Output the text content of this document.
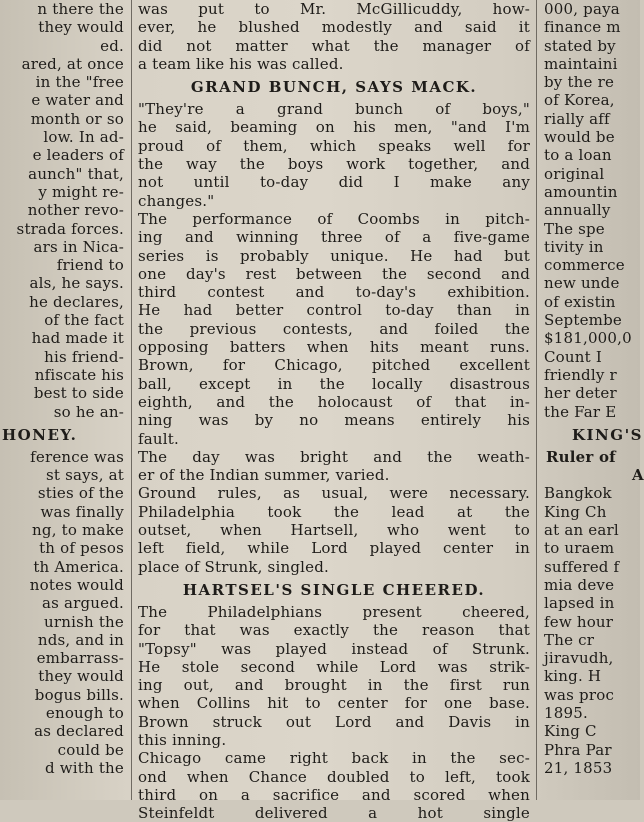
n there the
they would
ed.
ared, at once
in the "free
e water and
month or so
low. In ad-
e leaders of
aunch" that,
y might re-
nother revo-
strada forces.
ars in Nica-
friend to
als, he says.
he declares,
of the fact
had made it
his friend-
nfiscate his
best to side
so he an-
HONEY.
ference was
st says, at
sties of the
was finally
ng, to make
th of pesos
th America.
notes would
as argued.
urnish the
nds, and in
embarrass-
they would
bogus bills.
enough to
as declared
could be
d with the
was put to Mr. McGillicuddy, how-
ever, he blushed modestly and said it
did not matter what the manager of
a team like his was called.
GRAND BUNCH, SAYS MACK.
"They're a grand bunch of boys,"
he said, beaming on his men, "and I'm
proud of them, which speaks well for
the way the boys work together, and
not until to-day did I make any
changes."
The performance of Coombs in pitch-
ing and winning three of a five-game
series is probably unique. He had but
one day's rest between the second and
third contest and to-day's exhibition.
He had better control to-day than in
the previous contests, and foiled the
opposing batters when hits meant runs.
Brown, for Chicago, pitched excellent
ball, except in the locally disastrous
eighth, and the holocaust of that in-
ning was by no means entirely his
fault.
The day was bright and the weath-
er of the Indian summer, varied.
Ground rules, as usual, were necessary.
Philadelphia took the lead at the
outset, when Hartsell, who went to
left field, while Lord played center in
place of Strunk, singled.
HARTSEL'S SINGLE CHEERED.
The Philadelphians present cheered,
for that was exactly the reason that
"Topsy" was played instead of Strunk.
He stole second while Lord was strik-
ing out, and brought in the first run
when Collins hit to center for one base.
Brown struck out Lord and Davis in
this inning.
Chicago came right back in the sec-
ond when Chance doubled to left, took
third on a sacrifice and scored when
Steinfeldt delivered a hot single
000, paya
finance m
stated by
maintaini
by the re
of Korea,
rially aff
would be
to a loan
original
amountin
annually
The spe
tivity in
commerce
new unde
of existin
Septembe
$181,000,0
Count I
friendly r
her deter
the Far E
KING'S
Ruler of
A
Bangkok
King Ch
at an earl
to uraem
suffered f
mia deve
lapsed in
few hour
The cr
jiravudh,
king. H
was proc
1895.
King C
Phra Par
21, 1853
